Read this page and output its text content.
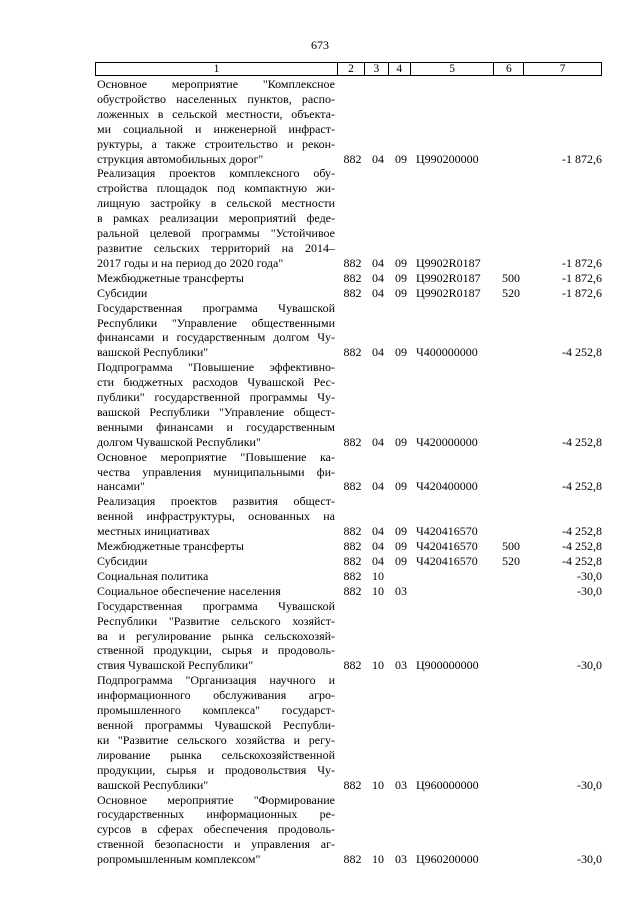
673
1	2	3	4	5	6	7
Основное мероприятие "Комплексное
обустройство населенных пунктов, распо-
ложенных в сельской местности, объекта-
ми социальной и инженерной инфраст-
руктуры, а также строительство и рекон-
струкция автомобильных дорог"	882 04 09 Ц990200000	-1 872,6
Реализация проектов комплексного обу-
стройства площадок под компактную жи-
лищную застройку в сельской местности
в рамках реализации мероприятий феде-
ральной целевой программы "Устойчивое
развитие сельских территорий на 2014–
2017 годы и на период до 2020 года"	882 04 09 Ц9902R0187	-1 872,6
Межбюджетные трансферты	882 04 09 Ц9902R0187	500	-1 872,6
Субсидии	882 04 09 Ц9902R0187	520	-1 872,6
Государственная программа Чувашской
Республики "Управление общественными
финансами и государственным долгом Чу-
вашской Республики"	882 04 09 Ч400000000	-4 252,8
Подпрограмма "Повышение эффективно-
сти бюджетных расходов Чувашской Рес-
публики" государственной программы Чу-
вашской Республики "Управление общест-
венными финансами и государственным
долгом Чувашской Республики"	882 04 09 Ч420000000	-4 252,8
Основное мероприятие "Повышение ка-
чества управления муниципальными фи-
нансами"	882 04 09 Ч420400000	-4 252,8
Реализация проектов развития общест-
венной инфраструктуры, основанных на
местных инициативах	882 04 09 Ч420416570	-4 252,8
Межбюджетные трансферты	882 04 09 Ч420416570	500	-4 252,8
Субсидии	882 04 09 Ч420416570	520	-4 252,8
Социальная политика	882 10	-30,0
Социальное обеспечение населения	882 10 03	-30,0
Государственная программа Чувашской
Республики "Развитие сельского хозяйст-
ва и регулирование рынка сельскохозяй-
ственной продукции, сырья и продоволь-
ствия Чувашской Республики"	882 10 03 Ц900000000	-30,0
Подпрограмма "Организация научного и
информационного обслуживания агро-
промышленного комплекса" государст-
венной программы Чувашской Республи-
ки "Развитие сельского хозяйства и регу-
лирование рынка сельскохозяйственной
продукции, сырья и продовольствия Чу-
вашской Республики"	882 10 03 Ц960000000	-30,0
Основное мероприятие "Формирование
государственных информационных ре-
сурсов в сферах обеспечения продоволь-
ственной безопасности и управления аг-
ропромышленным комплексом"	882 10 03 Ц960200000	-30,0
